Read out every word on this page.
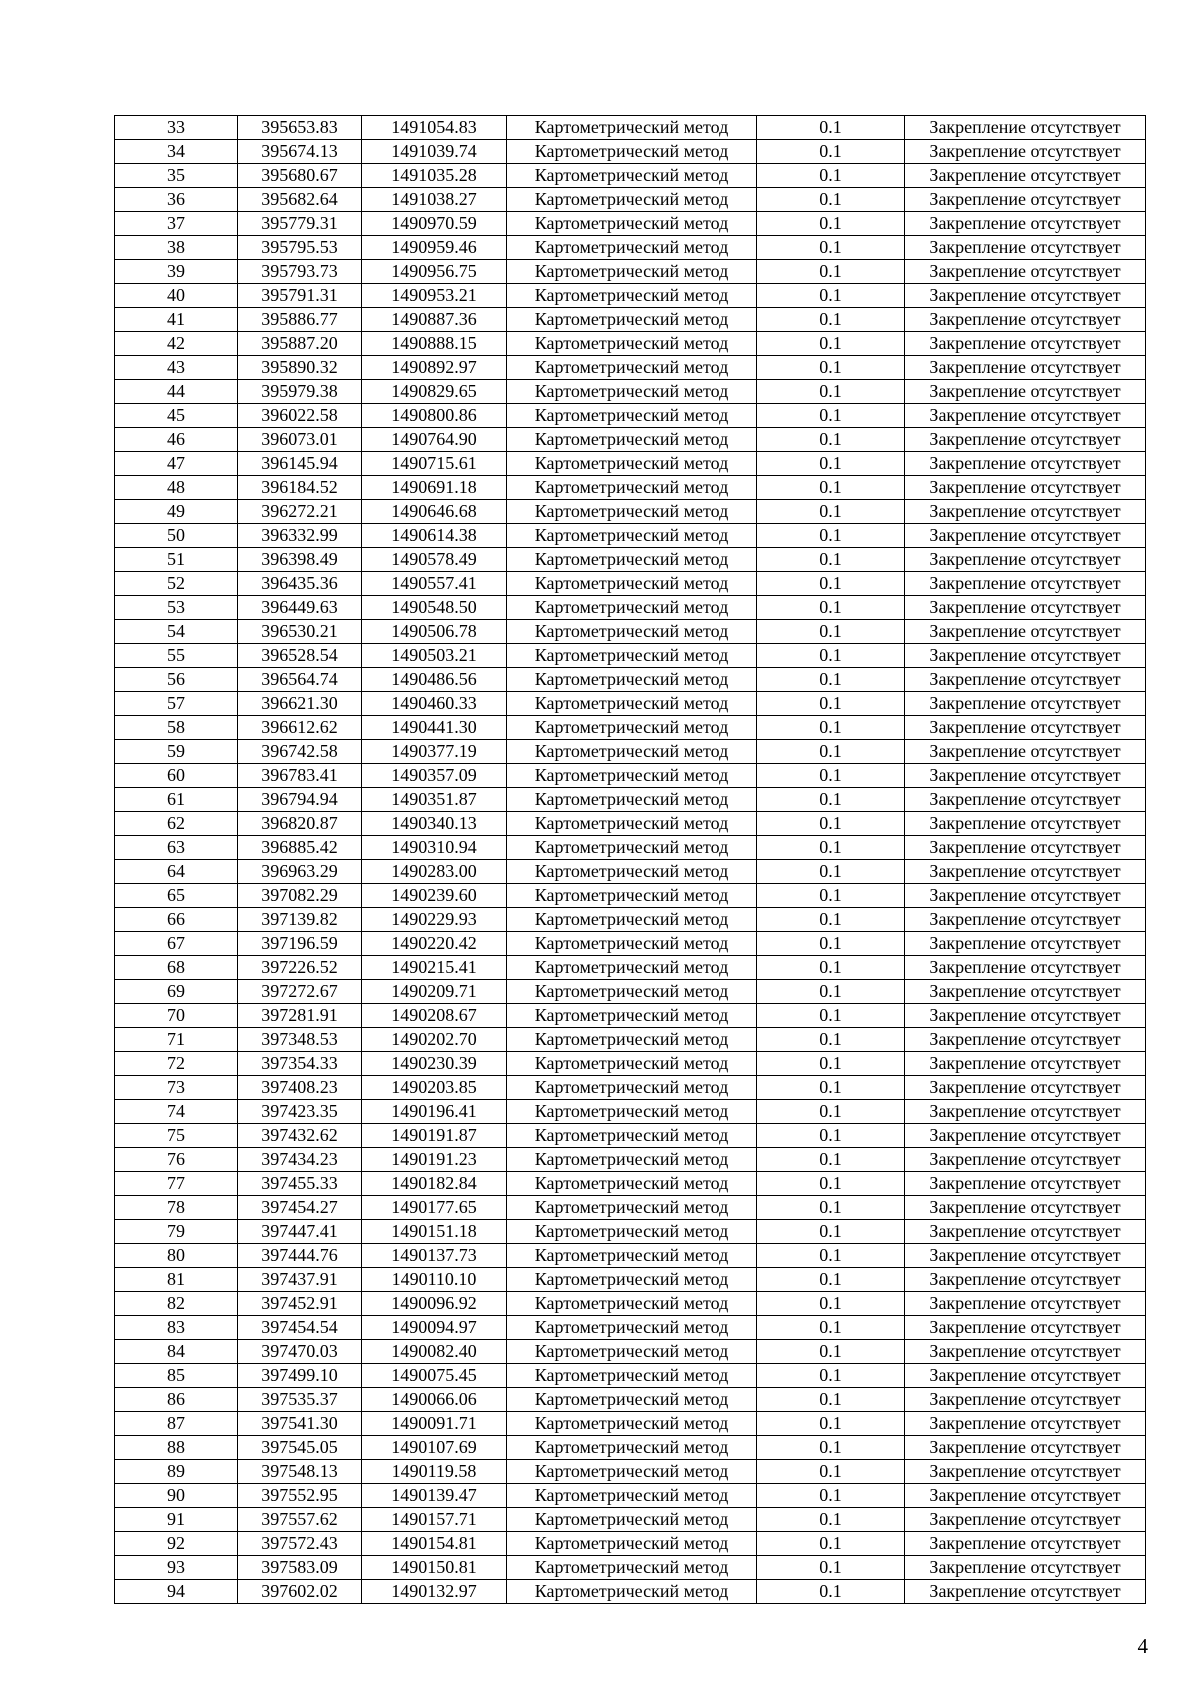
33	395653.83	1491054.83	Картометрический метод	0.1	Закрепление отсутствует
34	395674.13	1491039.74	Картометрический метод	0.1	Закрепление отсутствует
35	395680.67	1491035.28	Картометрический метод	0.1	Закрепление отсутствует
36	395682.64	1491038.27	Картометрический метод	0.1	Закрепление отсутствует
37	395779.31	1490970.59	Картометрический метод	0.1	Закрепление отсутствует
38	395795.53	1490959.46	Картометрический метод	0.1	Закрепление отсутствует
39	395793.73	1490956.75	Картометрический метод	0.1	Закрепление отсутствует
40	395791.31	1490953.21	Картометрический метод	0.1	Закрепление отсутствует
41	395886.77	1490887.36	Картометрический метод	0.1	Закрепление отсутствует
42	395887.20	1490888.15	Картометрический метод	0.1	Закрепление отсутствует
43	395890.32	1490892.97	Картометрический метод	0.1	Закрепление отсутствует
44	395979.38	1490829.65	Картометрический метод	0.1	Закрепление отсутствует
45	396022.58	1490800.86	Картометрический метод	0.1	Закрепление отсутствует
46	396073.01	1490764.90	Картометрический метод	0.1	Закрепление отсутствует
47	396145.94	1490715.61	Картометрический метод	0.1	Закрепление отсутствует
48	396184.52	1490691.18	Картометрический метод	0.1	Закрепление отсутствует
49	396272.21	1490646.68	Картометрический метод	0.1	Закрепление отсутствует
50	396332.99	1490614.38	Картометрический метод	0.1	Закрепление отсутствует
51	396398.49	1490578.49	Картометрический метод	0.1	Закрепление отсутствует
52	396435.36	1490557.41	Картометрический метод	0.1	Закрепление отсутствует
53	396449.63	1490548.50	Картометрический метод	0.1	Закрепление отсутствует
54	396530.21	1490506.78	Картометрический метод	0.1	Закрепление отсутствует
55	396528.54	1490503.21	Картометрический метод	0.1	Закрепление отсутствует
56	396564.74	1490486.56	Картометрический метод	0.1	Закрепление отсутствует
57	396621.30	1490460.33	Картометрический метод	0.1	Закрепление отсутствует
58	396612.62	1490441.30	Картометрический метод	0.1	Закрепление отсутствует
59	396742.58	1490377.19	Картометрический метод	0.1	Закрепление отсутствует
60	396783.41	1490357.09	Картометрический метод	0.1	Закрепление отсутствует
61	396794.94	1490351.87	Картометрический метод	0.1	Закрепление отсутствует
62	396820.87	1490340.13	Картометрический метод	0.1	Закрепление отсутствует
63	396885.42	1490310.94	Картометрический метод	0.1	Закрепление отсутствует
64	396963.29	1490283.00	Картометрический метод	0.1	Закрепление отсутствует
65	397082.29	1490239.60	Картометрический метод	0.1	Закрепление отсутствует
66	397139.82	1490229.93	Картометрический метод	0.1	Закрепление отсутствует
67	397196.59	1490220.42	Картометрический метод	0.1	Закрепление отсутствует
68	397226.52	1490215.41	Картометрический метод	0.1	Закрепление отсутствует
69	397272.67	1490209.71	Картометрический метод	0.1	Закрепление отсутствует
70	397281.91	1490208.67	Картометрический метод	0.1	Закрепление отсутствует
71	397348.53	1490202.70	Картометрический метод	0.1	Закрепление отсутствует
72	397354.33	1490230.39	Картометрический метод	0.1	Закрепление отсутствует
73	397408.23	1490203.85	Картометрический метод	0.1	Закрепление отсутствует
74	397423.35	1490196.41	Картометрический метод	0.1	Закрепление отсутствует
75	397432.62	1490191.87	Картометрический метод	0.1	Закрепление отсутствует
76	397434.23	1490191.23	Картометрический метод	0.1	Закрепление отсутствует
77	397455.33	1490182.84	Картометрический метод	0.1	Закрепление отсутствует
78	397454.27	1490177.65	Картометрический метод	0.1	Закрепление отсутствует
79	397447.41	1490151.18	Картометрический метод	0.1	Закрепление отсутствует
80	397444.76	1490137.73	Картометрический метод	0.1	Закрепление отсутствует
81	397437.91	1490110.10	Картометрический метод	0.1	Закрепление отсутствует
82	397452.91	1490096.92	Картометрический метод	0.1	Закрепление отсутствует
83	397454.54	1490094.97	Картометрический метод	0.1	Закрепление отсутствует
84	397470.03	1490082.40	Картометрический метод	0.1	Закрепление отсутствует
85	397499.10	1490075.45	Картометрический метод	0.1	Закрепление отсутствует
86	397535.37	1490066.06	Картометрический метод	0.1	Закрепление отсутствует
87	397541.30	1490091.71	Картометрический метод	0.1	Закрепление отсутствует
88	397545.05	1490107.69	Картометрический метод	0.1	Закрепление отсутствует
89	397548.13	1490119.58	Картометрический метод	0.1	Закрепление отсутствует
90	397552.95	1490139.47	Картометрический метод	0.1	Закрепление отсутствует
91	397557.62	1490157.71	Картометрический метод	0.1	Закрепление отсутствует
92	397572.43	1490154.81	Картометрический метод	0.1	Закрепление отсутствует
93	397583.09	1490150.81	Картометрический метод	0.1	Закрепление отсутствует
94	397602.02	1490132.97	Картометрический метод	0.1	Закрепление отсутствует
4
